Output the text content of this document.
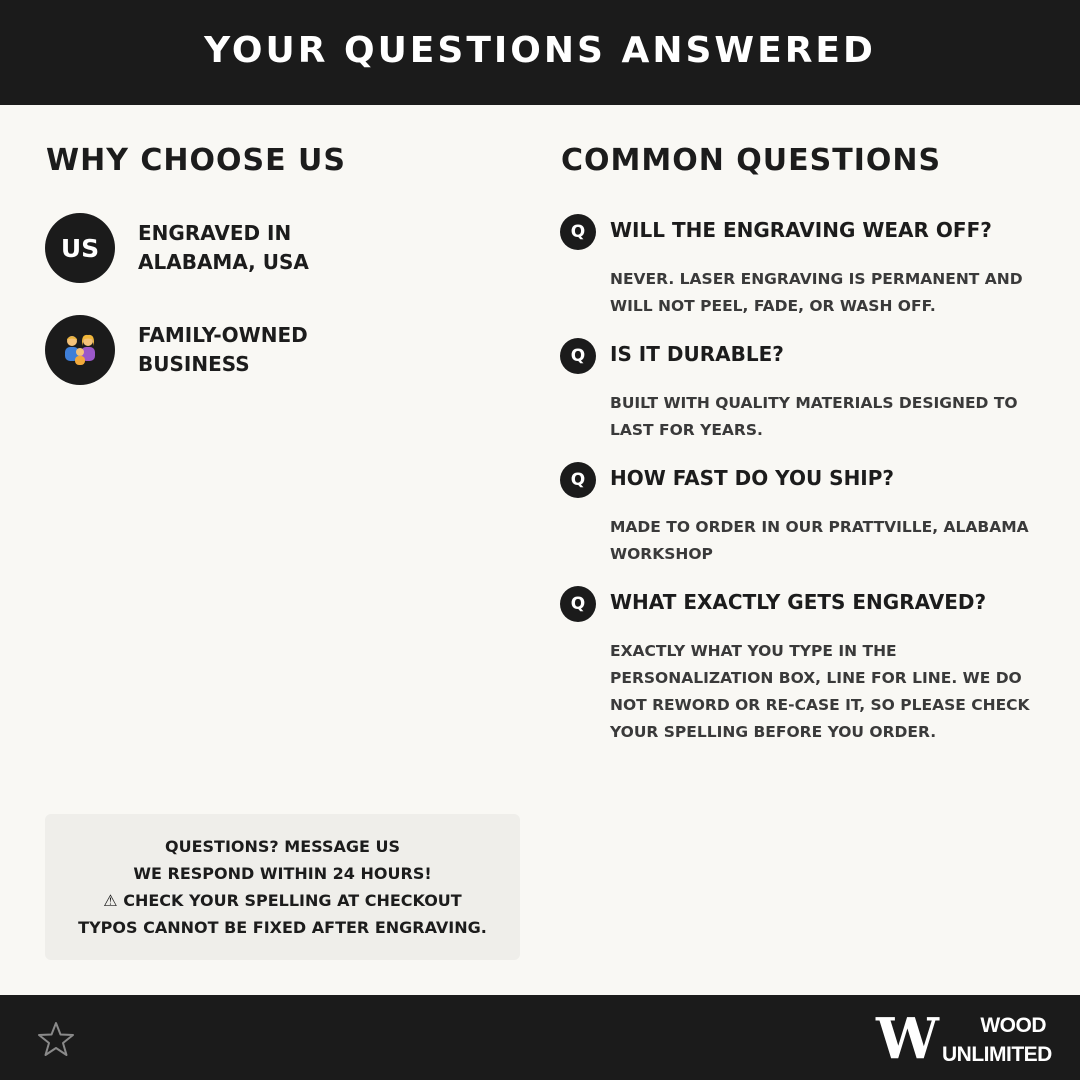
YOUR QUESTIONS ANSWERED
WHY CHOOSE US
US
ENGRAVED IN
ALABAMA, USA
FAMILY-OWNED
BUSINESS
COMMON QUESTIONS
Q	WILL THE ENGRAVING WEAR OFF?

NEVER. LASER ENGRAVING IS PERMANENT AND WILL NOT PEEL, FADE, OR WASH OFF.

Q	IS IT DURABLE?

BUILT WITH QUALITY MATERIALS DESIGNED TO LAST FOR YEARS.

Q	HOW FAST DO YOU SHIP?

MADE TO ORDER IN OUR PRATTVILLE, ALABAMA WORKSHOP

Q	WHAT EXACTLY GETS ENGRAVED?

EXACTLY WHAT YOU TYPE IN THE PERSONALIZATION BOX, LINE FOR LINE. WE DO NOT REWORD OR RE-CASE IT, SO PLEASE CHECK YOUR SPELLING BEFORE YOU ORDER.

QUESTIONS? MESSAGE US
WE RESPOND WITHIN 24 HOURS!
⚠ CHECK YOUR SPELLING AT CHECKOUT
TYPOS CANNOT BE FIXED AFTER ENGRAVING.
W	WOOD
UNLIMITED
